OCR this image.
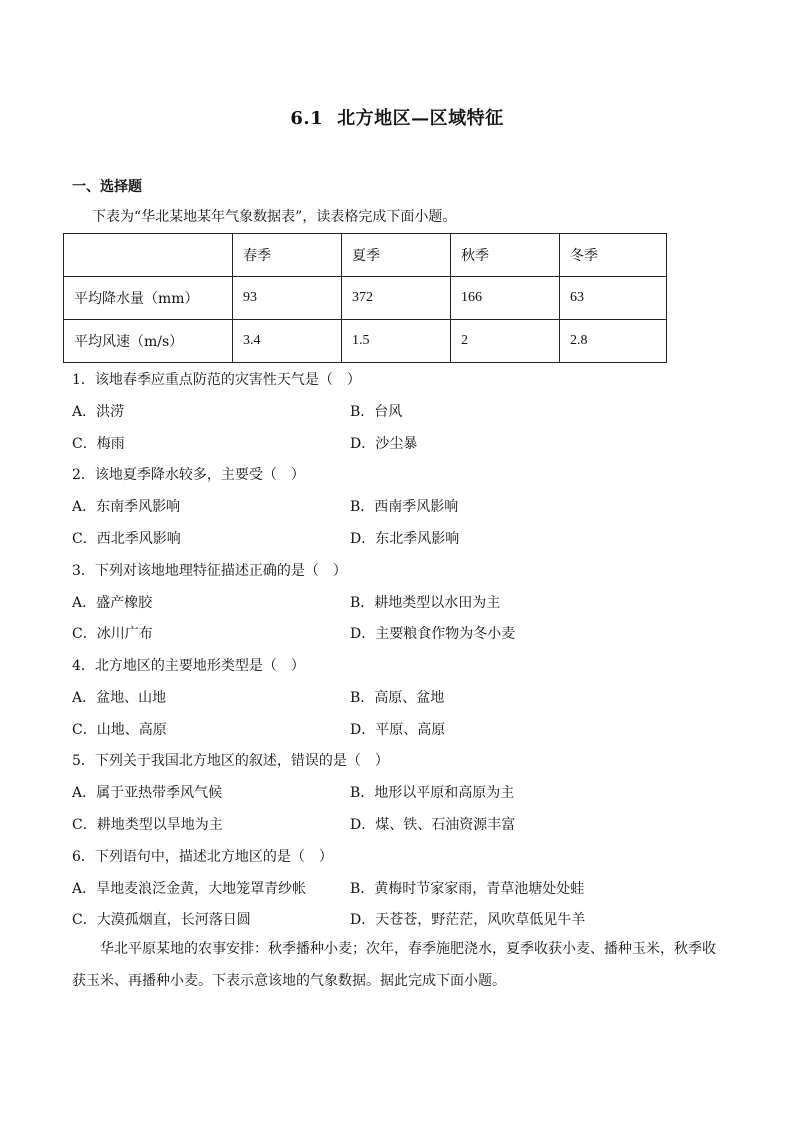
6.1 北方地区—区域特征
一、选择题
下表为“华北某地某年气象数据表”，读表格完成下面小题。
	春季	夏季	秋季	冬季
平均降水量（mm）	93	372	166	63
平均风速（m/s）	3.4	1.5	2	2.8
1．该地春季应重点防范的灾害性天气是（　）
A．洪涝	B．台风
C．梅雨	D．沙尘暴
2．该地夏季降水较多，主要受（　）
A．东南季风影响	B．西南季风影响
C．西北季风影响	D．东北季风影响
3．下列对该地地理特征描述正确的是（　）
A．盛产橡胶	B．耕地类型以水田为主
C．冰川广布	D．主要粮食作物为冬小麦
4．北方地区的主要地形类型是（　）
A．盆地、山地	B．高原、盆地
C．山地、高原	D．平原、高原
5．下列关于我国北方地区的叙述，错误的是（　）
A．属于亚热带季风气候	B．地形以平原和高原为主
C．耕地类型以旱地为主	D．煤、铁、石油资源丰富
6．下列语句中，描述北方地区的是（　）
A．旱地麦浪泛金黄，大地笼罩青纱帐	B．黄梅时节家家雨，青草池塘处处蛙
C．大漠孤烟直，长河落日圆	D．天苍苍，野茫茫，风吹草低见牛羊
华北平原某地的农事安排：秋季播种小麦；次年，春季施肥浇水，夏季收获小麦、播种玉米，秋季收获玉米、再播种小麦。下表示意该地的气象数据。据此完成下面小题。
